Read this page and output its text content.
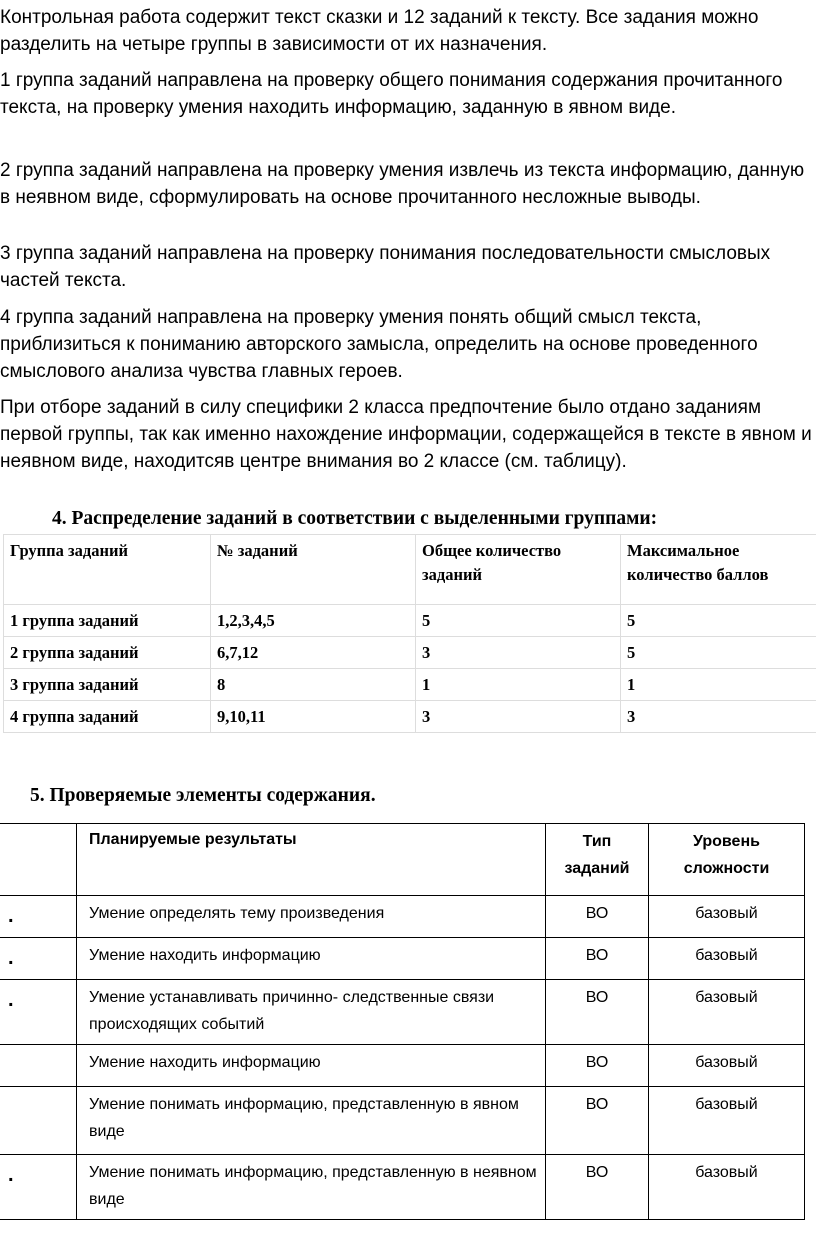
Контрольная работа содержит текст сказки и 12 заданий к тексту. Все задания можно разделить на четыре группы в зависимости от их назначения.

1 группа заданий направлена на проверку общего понимания содержания прочитанного текста, на проверку умения находить информацию, заданную в явном виде.

2 группа заданий направлена на проверку умения извлечь из текста информацию, данную в неявном виде, сформулировать на основе прочитанного несложные выводы.

3 группа заданий направлена на проверку понимания последовательности смысловых частей текста.

4 группа заданий направлена на проверку умения понять общий смысл текста, приблизиться к пониманию авторского замысла, определить на основе проведенного смыслового анализа чувства главных героев.

При отборе заданий в силу специфики 2 класса предпочтение было отдано заданиям первой группы, так как именно нахождение информации, содержащейся в тексте в явном и неявном виде, находитсяв центре внимания во 2 классе (см. таблицу).

4. Распределение заданий в соответствии с выделенными группами:
Группа заданий	№ заданий	Общее количество заданий	Максимальное количество баллов
1 группа заданий	1,2,3,4,5	5	5
2 группа заданий	6,7,12	3	5
3 группа заданий	8	1	1
4 группа заданий	9,10,11	3	3
5. Проверяемые элементы содержания.
	Планируемые результаты	Тип заданий	Уровень сложности
.	Умение определять тему произведения	ВО	базовый
.	Умение находить информацию	ВО	базовый
.	Умение устанавливать причинно- следственные связи происходящих событий	ВО	базовый
	Умение находить информацию	ВО	базовый
	Умение понимать информацию, представленную в явном виде	ВО	базовый
.	Умение понимать информацию, представленную в неявном виде	ВО	базовый
